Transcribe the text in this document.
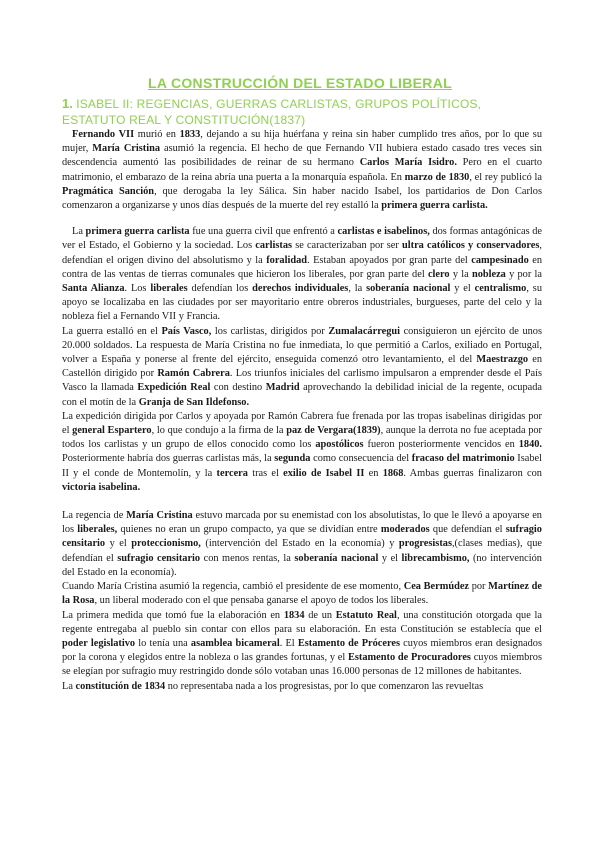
LA CONSTRUCCIÓN DEL ESTADO LIBERAL
1. ISABEL II: REGENCIAS, GUERRAS CARLISTAS, GRUPOS POLÍTICOS, ESTATUTO REAL Y CONSTITUCIÓN(1837)

Fernando VII murió en 1833, dejando a su hija huérfana y reina sin haber cumplido tres años, por lo que su mujer, María Cristina asumió la regencia. El hecho de que Fernando VII hubiera estado casado tres veces sin descendencia aumentó las posibilidades de reinar de su hermano Carlos María Isidro. Pero en el cuarto matrimonio, el embarazo de la reina abría una puerta a la monarquía española. En marzo de 1830, el rey publicó la Pragmática Sanción, que derogaba la ley Sálica. Sin haber nacido Isabel, los partidarios de Don Carlos comenzaron a organizarse y unos días después de la muerte del rey estalló la primera guerra carlista.

La primera guerra carlista fue una guerra civil que enfrentó a carlistas e isabelinos, dos formas antagónicas de ver el Estado, el Gobierno y la sociedad. Los carlistas se caracterizaban por ser ultra católicos y conservadores, defendían el origen divino del absolutismo y la foralidad. Estaban apoyados por gran parte del campesinado en contra de las ventas de tierras comunales que hicieron los liberales, por gran parte del clero y la nobleza y por la Santa Alianza. Los liberales defendían los derechos individuales, la soberanía nacional y el centralismo, su apoyo se localizaba en las ciudades por ser mayoritario entre obreros industriales, burgueses, parte del celo y la nobleza fiel a Fernando VII y Francia.

La guerra estalló en el País Vasco, los carlistas, dirigidos por Zumalacárregui consiguieron un ejército de unos 20.000 soldados. La respuesta de María Cristina no fue inmediata, lo que permitió a Carlos, exiliado en Portugal, volver a España y ponerse al frente del ejército, enseguida comenzó otro levantamiento, el del Maestrazgo en Castellón dirigido por Ramón Cabrera. Los triunfos iniciales del carlismo impulsaron a emprender desde el País Vasco la llamada Expedición Real con destino Madrid aprovechando la debilidad inicial de la regente, ocupada con el motín de la Granja de San Ildefonso.

La expedición dirigida por Carlos y apoyada por Ramón Cabrera fue frenada por las tropas isabelinas dirigidas por el general Espartero, lo que condujo a la firma de la paz de Vergara(1839), aunque la derrota no fue aceptada por todos los carlistas y un grupo de ellos conocido como los apostólicos fueron posteriormente vencidos en 1840. Posteriormente habría dos guerras carlistas más, la segunda como consecuencia del fracaso del matrimonio Isabel II y el conde de Montemolín, y la tercera tras el exilio de Isabel II en 1868. Ambas guerras finalizaron con victoria isabelina.

La regencia de María Cristina estuvo marcada por su enemistad con los absolutistas, lo que le llevó a apoyarse en los liberales, quienes no eran un grupo compacto, ya que se dividían entre moderados que defendían el sufragio censitario y el proteccionismo, (intervención del Estado en la economía) y progresistas,(clases medias), que defendían el sufragio censitario con menos rentas, la soberanía nacional y el librecambismo, (no intervención del Estado en la economía).

Cuando María Cristina asumió la regencia, cambió el presidente de ese momento, Cea Bermúdez por Martínez de la Rosa, un liberal moderado con el que pensaba ganarse el apoyo de todos los liberales.

La primera medida que tomó fue la elaboración en 1834 de un Estatuto Real, una constitución otorgada que la regente entregaba al pueblo sin contar con ellos para su elaboración. En esta Constitución se establecía que el poder legislativo lo tenía una asamblea bicameral. El Estamento de Próceres cuyos miembros eran designados por la corona y elegidos entre la nobleza o las grandes fortunas, y el Estamento de Procuradores cuyos miembros se elegían por sufragio muy restringido donde sólo votaban unas 16.000 personas de 12 millones de habitantes.

La constitución de 1834 no representaba nada a los progresistas, por lo que comenzaron las revueltas
